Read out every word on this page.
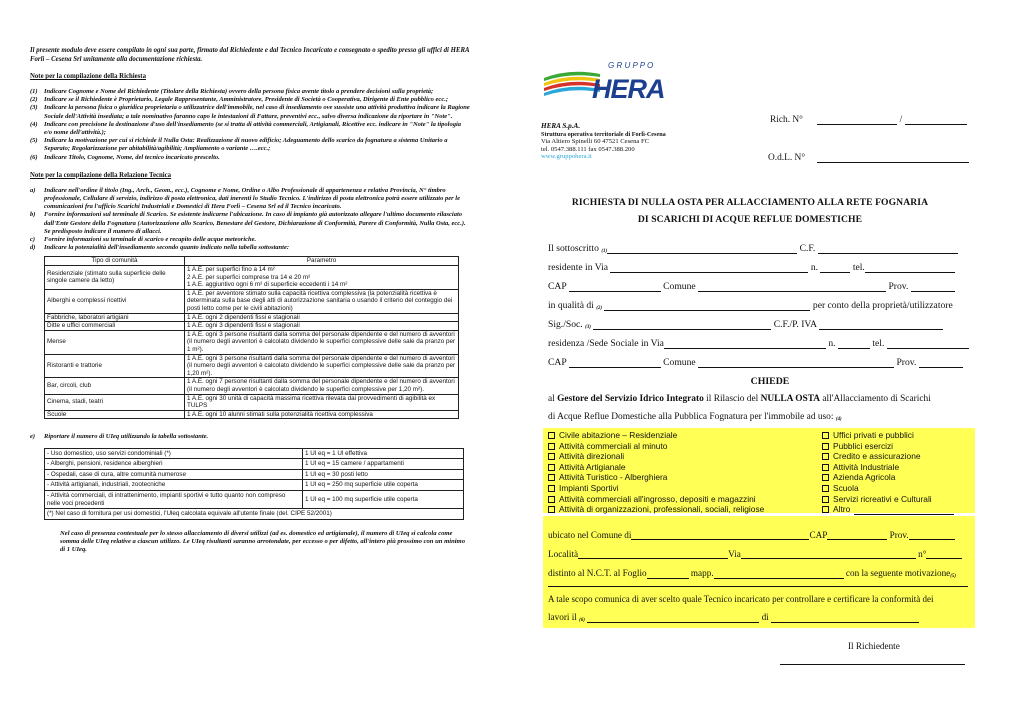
Il presente modulo deve essere compilato in ogni sua parte, firmato dal Richiedente e dal Tecnico Incaricato e consegnato o spedito presso gli uffici di HERA Forlì – Cesena Srl unitamente alla documentazione richiesta.

Note per la compilazione della Richiesta

(1) Indicare Cognome e Nome del Richiedente (Titolare della Richiesta) ovvero della persona fisica avente titolo a prendere decisioni sulla proprietà;
(2) Indicare se il Richiedente è Proprietario, Legale Rappresentante, Amministratore, Presidente di Società o Cooperativa, Dirigente di Ente pubblico ecc.;
(3) Indicare la persona fisica o giuridica proprietaria o utilizzatrice dell'immobile, nel caso di insediamento ove sussiste una attività produttiva indicare la Ragione Sociale dell'Attività insediata; a tale nominativo faranno capo le intestazioni di Fatture, preventivi ecc., salvo diversa indicazione da riportare in "Note".
(4) Indicare con precisione la destinazione d'uso dell'insediamento (se si tratta di attività commerciali, Artigianali, Ricettive ecc. indicare in "Note" la tipologia e/o nome dell'attività.);
(5) Indicare la motivazione per cui si richiede il Nulla Osta: Realizzazione di nuovo edificio; Adeguamento dello scarico da fognatura a sistema Unitario a Separato; Regolarizzazione per abitabilità/agibilità; Ampliamento o variante ….ecc.;
(6) Indicare Titolo, Cognome, Nome, del tecnico incaricato prescelto.

Note per la compilazione della Relazione Tecnica

a)	Indicare nell'ordine il titolo (Ing., Arch., Geom., ecc.), Cognome e Nome, Ordine o Albo Professionale di appartenenza e relativa Provincia, N° timbro professionale, Cellulare di servizio, indirizzo di posta elettronica, dati inerenti lo Studio Tecnico. L'indirizzo di posta elettronica potrà essere utilizzato per le comunicazioni fra l'ufficio Scarichi Industriali e Domestici di Hera Forlì – Cesena Srl ed il Tecnico incaricato.
b)	Fornire informazioni sul terminale di Scarico. Se esistente indicarne l'ubicazione. In caso di impianto già autorizzato allegare l'ultimo documento rilasciato dall'Ente Gestore della Fognatura (Autorizzazione allo Scarico, Benestare del Gestore, Dichiarazione di Conformità, Parere di Conformità, Nulla Osta, ecc.). Se predisposto indicare il numero di allacci.
c)	Fornire informazioni su terminale di scarico e recapito delle acque meteoriche.
d)	Indicare la potenzialità dell'insediamento secondo quanto indicato nella tabella sottostante:
Tipo di comunità	Parametro
Residenziale (stimato sulla superficie delle singole camere da letto)	1 A.E. per superfici fino a 14 m²
2 A.E. per superfici comprese tra 14 e 20 m²
1 A.E. aggiuntivo ogni 6 m² di superficie eccedenti i 14 m²

Alberghi e complessi ricettivi	1 A.E. per avventore stimato sulla capacità ricettiva complessiva (la potenzialità ricettiva è determinata sulla base degli atti di autorizzazione sanitaria o usando il criterio del conteggio dei posti letto come per le civili abitazioni)

Fabbriche, laboratori artigiani	1 A.E. ogni 2 dipendenti fissi e stagionali

Ditte e uffici commerciali	1 A.E. ogni 3 dipendenti fissi e stagionali

Mense	1 A.E. ogni 3 persone risultanti dalla somma del personale dipendente e del numero di avventori (il numero degli avventori è calcolato dividendo le superfici complessive delle sale da pranzo per 1 m²).

Ristoranti e trattorie	1 A.E. ogni 3 persone risultanti dalla somma del personale dipendente e del numero di avventori (il numero degli avventori è calcolato dividendo le superfici complessive delle sale da pranzo per 1,20 m²).

Bar, circoli, club	1 A.E. ogni 7 persone risultanti dalla somma del personale dipendente e del numero di avventori (il numero degli avventori è calcolato dividendo le superfici complessive per 1,20 m²).

Cinema, stadi, teatri	1 A.E. ogni 30 unità di capacità massima ricettiva rilevata dai provvedimenti di agibilità ex TULPS

Scuole	1 A.E. ogni 10 alunni stimati sulla potenzialità ricettiva complessiva
e)	Riportare il numero di UIeq utilizzando la tabella sottostante.
- Uso domestico, uso servizi condominiali (*)	1 Ul eq = 1 Ul effettiva
- Alberghi, pensioni, residence alberghieri	1 Ul eq = 15 camere / appartamenti
- Ospedali, case di cura, altre comunità numerose	1 Ul eq = 30 posti letto
- Attività artigianali, industriali, zootecniche	1 Ul eq = 250 mq superficie utile coperta
- Attività commerciali, di intrattenimento, impianti sportivi e tutto quanto non compreso nelle voci precedenti	1 Ul eq = 100 mq superficie utile coperta
(*) Nel caso di fornitura per usi domestici, l'Uleq calcolata equivale all'utente finale (del. CIPE 52/2001)	

Nel caso di presenza contestuale per lo stesso allacciamento di diversi utilizzi (ad es. domestico ed artigianale), il numero di UIeq si calcola come somma delle UIeq relative a ciascun utilizzo. Le UIeq risultanti saranno arrotondate, per eccesso o per difetto, all'intero più prossimo con un minimo di 1 UIeq.

G R U P P O
HERA
HERA S.p.A.
Struttura operativa territoriale di Forlì-Cesena
Via Altiero Spinelli 60 47521 Cesena FC
tel. 0547.388.111 fax 0547.388.200
www.gruppohera.it
Rich. N°	/
O.d.L. N°
RICHIESTA DI NULLA OSTA PER ALLACCIAMENTO ALLA RETE FOGNARIA
DI SCARICHI DI ACQUE REFLUE DOMESTICHE
Il sottoscritto $_{(1)}$	C.F.
residente in Via	n.	tel.
CAP	Comune	Prov.
in qualità di $_{(2)}$	per conto della proprietà/utilizzatore
Sig./Soc. $_{(3)}$	C.F./P. IVA
residenza /Sede Sociale in Via	n.	tel.
CAP	Comune	Prov.
CHIEDE
al Gestore del Servizio Idrico Integrato il Rilascio del NULLA OSTA all'Allacciamento di Scarichi
di Acque Reflue Domestiche alla Pubblica Fognatura per l'immobile ad uso: $_{(4)}$
Civile abitazione – Residenziale
Attività commerciali al minuto
Attività direzionali
Attività Artigianale
Attività Turistico - Alberghiera
Impianti Sportivi
Attività commerciali all'ingrosso, depositi e magazzini
Attività di organizzazioni, professionali, sociali, religiose
Uffici privati e pubblici
Pubblici esercizi
Credito e assicurazione
Attività Industriale
Azienda Agricola
Scuola
Servizi ricreativi e Culturali
Altro
ubicato nel Comune di	CAP	Prov.
Località	Via	n°
distinto al N.C.T. al Foglio	mapp.	con la seguente motivazione$_{(5)}$
A tale scopo comunica di aver scelto quale Tecnico incaricato per controllare e certificare la conformità dei
lavori il $_{(6)}$	di
Il Richiedente
